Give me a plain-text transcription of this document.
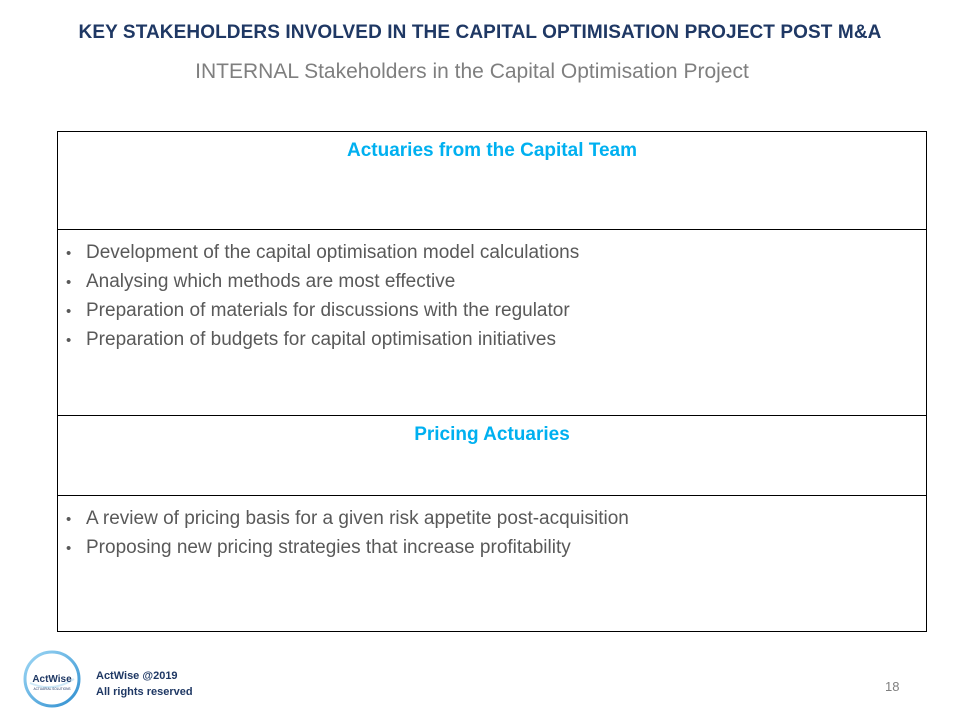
KEY STAKEHOLDERS INVOLVED IN THE CAPITAL OPTIMISATION PROJECT POST M&A
INTERNAL Stakeholders in the Capital Optimisation Project
Actuaries from the Capital Team

• Development of the capital optimisation model calculations
• Analysing which methods are most effective
• Preparation of materials for discussions with the regulator
• Preparation of budgets for capital optimisation initiatives

Pricing Actuaries

• A review of pricing basis for a given risk appetite post-acquisition
• Proposing new pricing strategies that increase profitability
ActWise
ACTUARIAL SOLUTIONS
ActWise @2019
All rights reserved	18
